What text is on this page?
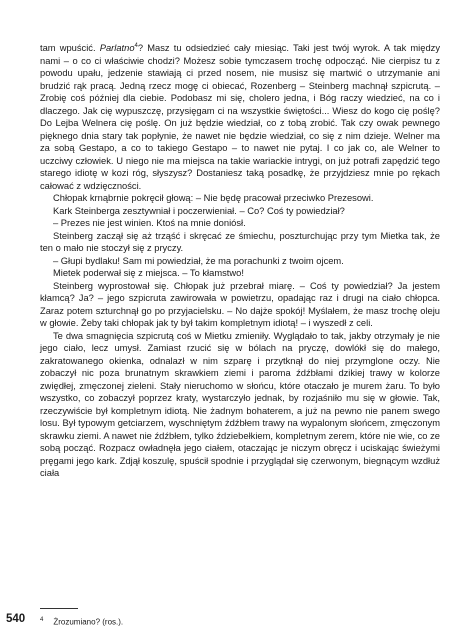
tam wpuścić. Parlatno$^4$? Masz tu odsiedzieć cały miesiąc. Taki jest twój wyrok. A tak między nami – o co ci właściwie chodzi? Możesz sobie tymczasem trochę odpocząć. Nie cierpisz tu z powodu upału, jedzenie stawiają ci przed nosem, nie musisz się martwić o utrzymanie ani brudzić rąk pracą. Jedną rzecz mogę ci obiecać, Rozenberg – Steinberg machnął szpicrutą. – Zrobię coś później dla ciebie. Podobasz mi się, cholero jedna, i Bóg raczy wiedzieć, na co i dlaczego. Jak cię wypuszczę, przysięgam ci na wszystkie świętości... Wiesz do kogo cię poślę? Do Lejba Welnera cię poślę. On już będzie wiedział, co z tobą zrobić. Tak czy owak pewnego pięknego dnia stary tak popłynie, że nawet nie będzie wiedział, co się z nim dzieje. Welner ma za sobą Gestapo, a co to takiego Gestapo – to nawet nie pytaj. I co jak co, ale Welner to uczciwy człowiek. U niego nie ma miejsca na takie wariackie intrygi, on już potrafi zapędzić tego starego idiotę w kozi róg, słyszysz? Dostaniesz taką posadkę, że przyjdziesz mnie po rękach całować z wdzięczności.

Chłopak krnąbrnie pokręcił głową: – Nie będę pracował przeciwko Prezesowi.

Kark Steinberga zesztywniał i poczerwieniał. – Co? Coś ty powiedział?

– Prezes nie jest winien. Ktoś na mnie doniósł.

Steinberg zaczął się aż trząść i skręcać ze śmiechu, poszturchując przy tym Mietka tak, że ten o mało nie stoczył się z pryczy.

– Głupi bydlaku! Sam mi powiedział, że ma porachunki z twoim ojcem.

Mietek poderwał się z miejsca. – To kłamstwo!

Steinberg wyprostował się. Chłopak już przebrał miarę. – Coś ty powiedział? Ja jestem kłamcą? Ja? – jego szpicruta zawirowała w powietrzu, opadając raz i drugi na ciało chłopca. Zaraz potem szturchnął go po przyjacielsku. – No dajże spokój! Myślałem, że masz trochę oleju w głowie. Żeby taki chłopak jak ty był takim kompletnym idiotą! – i wyszedł z celi.

Te dwa smagnięcia szpicrutą coś w Mietku zmieniły. Wyglądało to tak, jakby otrzymały je nie jego ciało, lecz umysł. Zamiast rzucić się w bólach na pryczę, dowlókł się do małego, zakratowanego okienka, odnalazł w nim szparę i przytknął do niej przymglone oczy. Nie zobaczył nic poza brunatnym skrawkiem ziemi i paroma źdźbłami dzikiej trawy w kolorze zwiędłej, zmęczonej zieleni. Stały nieruchomo w słońcu, które otaczało je murem żaru. To było wszystko, co zobaczył poprzez kraty, wystarczyło jednak, by rozjaśniło mu się w głowie. Tak, rzeczywiście był kompletnym idiotą. Nie żadnym bohaterem, a już na pewno nie panem swego losu. Był typowym getciarzem, wyschniętym źdźbłem trawy na wypalonym słońcem, zmęczonym skrawku ziemi. A nawet nie źdźbłem, tylko ździebełkiem, kompletnym zerem, które nie wie, co ze sobą począć. Rozpacz owładnęła jego ciałem, otaczając je niczym obręcz i uciskając świeżymi pręgami jego kark. Zdjął koszulę, spuścił spodnie i przyglądał się czerwonym, biegnącym wzdłuż ciała

540 $^4$ Żrozumiano? (ros.).
